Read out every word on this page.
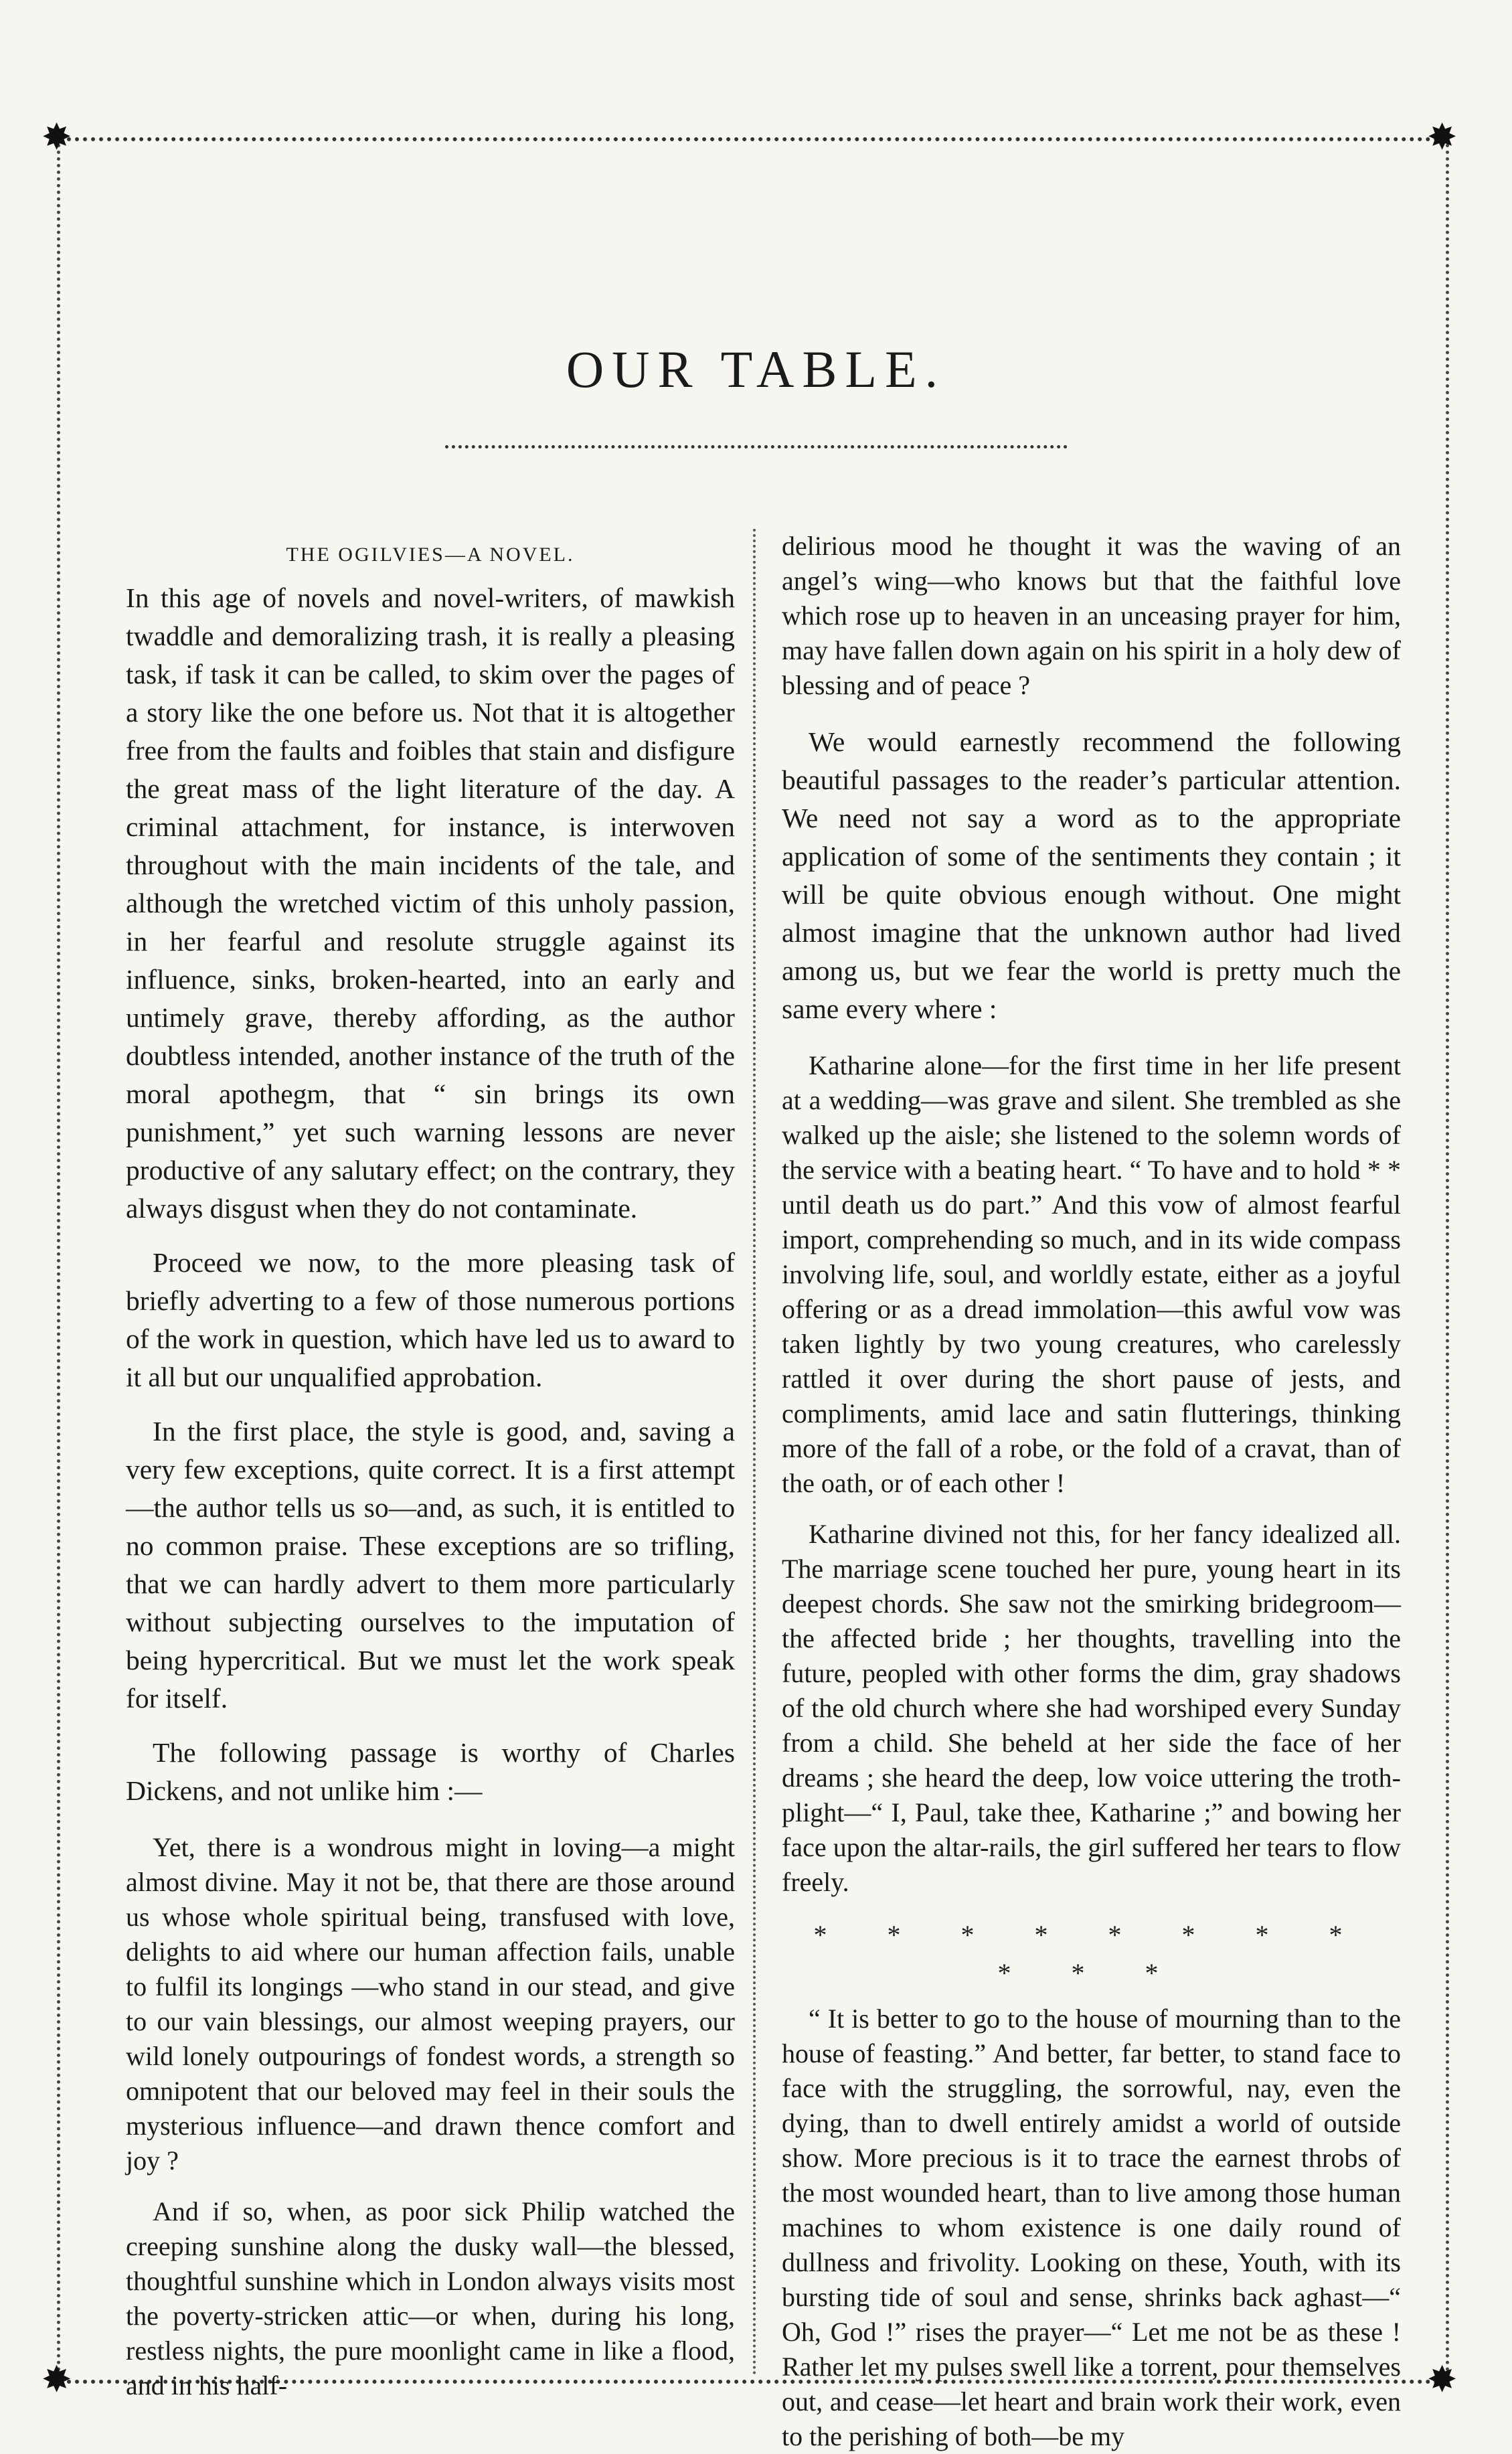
✸	✸
✸	✸
OUR TABLE.
THE OGILVIES—A NOVEL.

In this age of novels and novel-writers, of mawkish twaddle and demoralizing trash, it is really a pleasing task, if task it can be called, to skim over the pages of a story like the one before us. Not that it is altogether free from the faults and foibles that stain and disfigure the great mass of the light literature of the day. A criminal attachment, for instance, is interwoven throughout with the main incidents of the tale, and although the wretched victim of this unholy passion, in her fearful and resolute struggle against its influence, sinks, broken-hearted, into an early and untimely grave, thereby affording, as the author doubtless intended, another instance of the truth of the moral apothegm, that “ sin brings its own punishment,” yet such warning lessons are never productive of any salutary effect; on the contrary, they always disgust when they do not contaminate.

Proceed we now, to the more pleasing task of briefly adverting to a few of those numerous portions of the work in question, which have led us to award to it all but our unqualified approbation.

In the first place, the style is good, and, saving a very few exceptions, quite correct. It is a first attempt—the author tells us so—and, as such, it is entitled to no common praise. These exceptions are so trifling, that we can hardly advert to them more particularly without subjecting ourselves to the imputation of being hypercritical. But we must let the work speak for itself.

The following passage is worthy of Charles Dickens, and not unlike him :—

Yet, there is a wondrous might in loving—a might almost divine. May it not be, that there are those around us whose whole spiritual being, transfused with love, delights to aid where our human affection fails, unable to fulfil its longings —who stand in our stead, and give to our vain blessings, our almost weeping prayers, our wild lonely outpourings of fondest words, a strength so omnipotent that our beloved may feel in their souls the mysterious influence—and drawn thence comfort and joy ?

And if so, when, as poor sick Philip watched the creeping sunshine along the dusky wall—the blessed, thoughtful sunshine which in London always visits most the poverty-stricken attic—or when, during his long, restless nights, the pure moonlight came in like a flood, and in his half-

delirious mood he thought it was the waving of an angel’s wing—who knows but that the faithful love which rose up to heaven in an unceasing prayer for him, may have fallen down again on his spirit in a holy dew of blessing and of peace ?

We would earnestly recommend the following beautiful passages to the reader’s particular attention. We need not say a word as to the appropriate application of some of the sentiments they contain ; it will be quite obvious enough without. One might almost imagine that the unknown author had lived among us, but we fear the world is pretty much the same every where :

Katharine alone—for the first time in her life present at a wedding—was grave and silent. She trembled as she walked up the aisle; she listened to the solemn words of the service with a beating heart. “ To have and to hold * * until death us do part.” And this vow of almost fearful import, comprehending so much, and in its wide compass involving life, soul, and worldly estate, either as a joyful offering or as a dread immolation—this awful vow was taken lightly by two young creatures, who carelessly rattled it over during the short pause of jests, and compliments, amid lace and satin flutterings, thinking more of the fall of a robe, or the fold of a cravat, than of the oath, or of each other !

Katharine divined not this, for her fancy idealized all. The marriage scene touched her pure, young heart in its deepest chords. She saw not the smirking bridegroom—the affected bride ; her thoughts, travelling into the future, peopled with other forms the dim, gray shadows of the old church where she had worshiped every Sunday from a child. She beheld at her side the face of her dreams ; she heard the deep, low voice uttering the troth-plight—“ I, Paul, take thee, Katharine ;” and bowing her face upon the altar-rails, the girl suffered her tears to flow freely.

* * * * * * * * * * *

“ It is better to go to the house of mourning than to the house of feasting.” And better, far better, to stand face to face with the struggling, the sorrowful, nay, even the dying, than to dwell entirely amidst a world of outside show. More precious is it to trace the earnest throbs of the most wounded heart, than to live among those human machines to whom existence is one daily round of dullness and frivolity. Looking on these, Youth, with its bursting tide of soul and sense, shrinks back aghast—“ Oh, God !” rises the prayer—“ Let me not be as these ! Rather let my pulses swell like a torrent, pour themselves out, and cease—let heart and brain work their work, even to the perishing of both—be my
